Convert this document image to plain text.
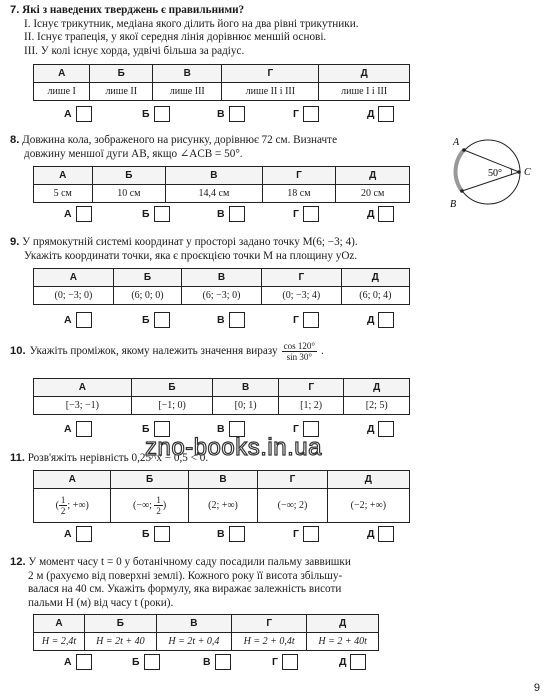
7. Які з наведених тверджень є правильними?
I. Існує трикутник, медіана якого ділить його на два рівні трикутники.
II. Існує трапеція, у якої середня лінія дорівнює меншій основі.
III. У колі існує хорда, удвічі більша за радіус.
А	Б	В	Г	Д
лише I	лише II	лише III	лише II і III	лише I і III
А	Б	В	Г	Д
8. Довжина кола, зображеного на рисунку, дорівнює 72 см. Визначте
довжину меншої дуги AB, якщо ∠ACB = 50°.
А	Б	В	Г	Д
5 см	10 см	14,4 см	18 см	20 см
А	Б	В	Г	Д
A
B
C
50°
9. У прямокутній системі координат у просторі задано точку M(6; −3; 4).
Укажіть координати точки, яка є проєкцією точки M на площину yOz.
А	Б	В	Г	Д
(0; −3; 0)	(6; 0; 0)	(6; −3; 0)	(0; −3; 4)	(6; 0; 4)
А	Б	В	Г	Д
10. Укажіть проміжок, якому належить значення виразу $\frac{\cos 120^\circ}{\sin 30^\circ}$ .
А	Б	В	Г	Д
[−3; −1)	[−1; 0)	[0; 1)	[1; 2)	[2; 5)
А	Б	В	Г	Д
11. Розв'яжіть нерівність 0,25^x − 0,5 < 0.
А	Б	В	Г	Д
( $\frac{1}{2}$ ; +∞)	(−∞; $\frac{1}{2}$ )	(2; +∞)	(−∞; 2)	(−2; +∞)
А	Б	В	Г	Д
12. У момент часу t = 0 у ботанічному саду посадили пальму заввишки
2 м (рахуємо від поверхні землі). Кожного року її висота збільшу-
валася на 40 см. Укажіть формулу, яка виражає залежність висоти
пальми H (м) від часу t (роки).
А	Б	В	Г	Д
H = 2,4t	H = 2t + 40	H = 2t + 0,4	H = 2 + 0,4t	H = 2 + 40t
А	Б	В	Г	Д
zno-books.in.ua
9
